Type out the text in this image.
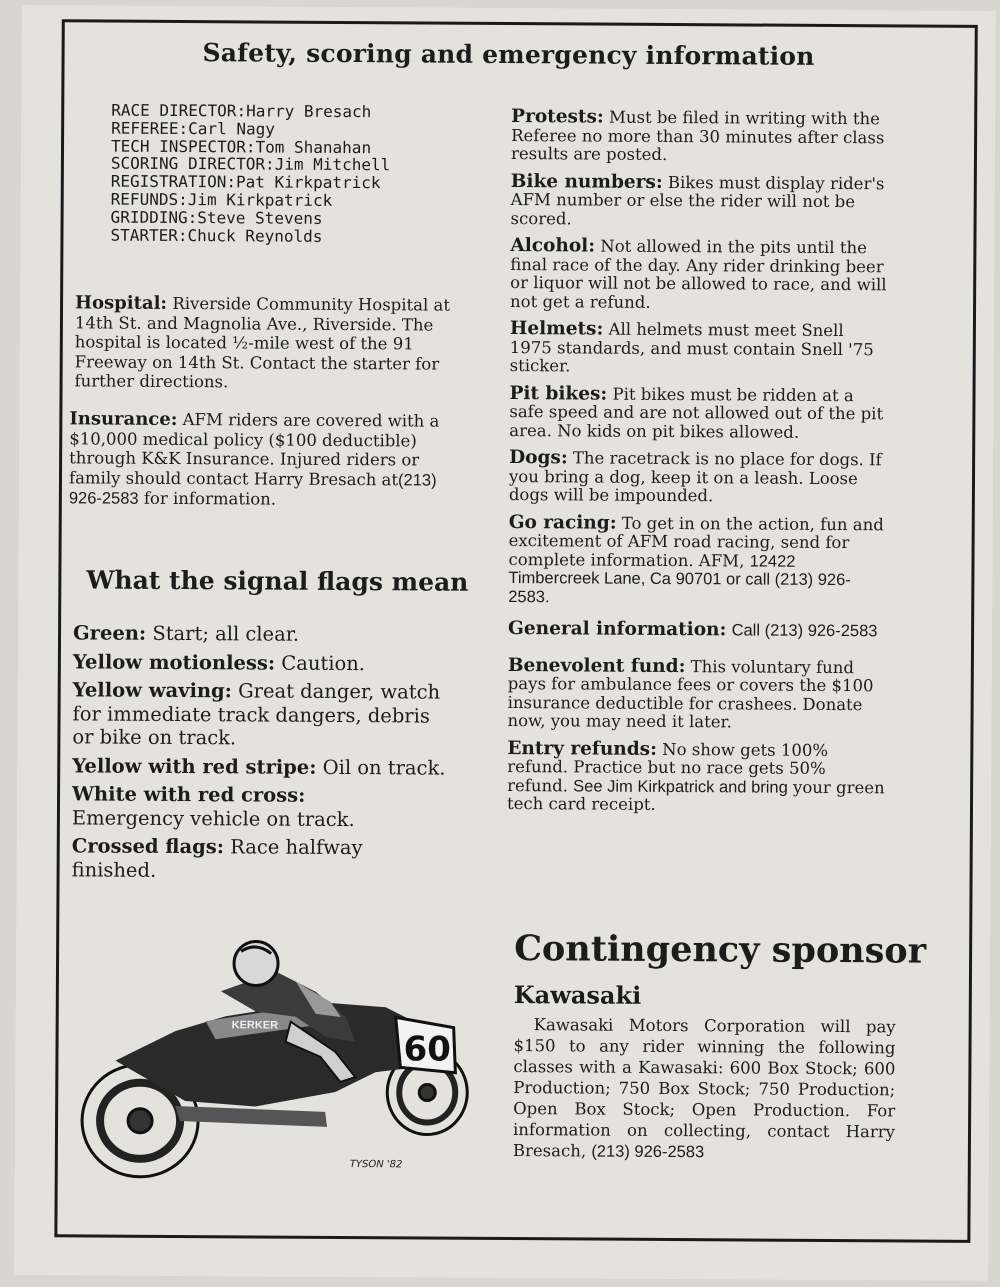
Safety, scoring and emergency information
RACE DIRECTOR:Harry Bresach
REFEREE:Carl Nagy
TECH INSPECTOR:Tom Shanahan
SCORING DIRECTOR:Jim Mitchell
REGISTRATION:Pat Kirkpatrick
REFUNDS:Jim Kirkpatrick
GRIDDING:Steve Stevens
STARTER:Chuck Reynolds
Hospital: Riverside Community Hospital at 14th St. and Magnolia Ave., Riverside. The hospital is located ½-mile west of the 91 Freeway on 14th St. Contact the starter for further directions.
Insurance: AFM riders are covered with a $10,000 medical policy ($100 deductible) through K&K Insurance. Injured riders or family should contact Harry Bresach at(213) 926-2583 for information.
What the signal flags mean
Green: Start; all clear.
Yellow motionless: Caution.
Yellow waving: Great danger, watch for immediate track dangers, debris or bike on track.
Yellow with red stripe: Oil on track.
White with red cross:
Emergency vehicle on track.
Crossed flags: Race halfway finished.
Protests: Must be filed in writing with the Referee no more than 30 minutes after class results are posted.
Bike numbers: Bikes must display rider's AFM number or else the rider will not be scored.
Alcohol: Not allowed in the pits until the final race of the day. Any rider drinking beer or liquor will not be allowed to race, and will not get a refund.
Helmets: All helmets must meet Snell 1975 standards, and must contain Snell '75 sticker.
Pit bikes: Pit bikes must be ridden at a safe speed and are not allowed out of the pit area. No kids on pit bikes allowed.
Dogs: The racetrack is no place for dogs. If you bring a dog, keep it on a leash. Loose dogs will be impounded.
Go racing: To get in on the action, fun and excitement of AFM road racing, send for complete information. AFM, 12422 Timbercreek Lane, Ca 90701 or call (213) 926-2583.
General information: Call (213) 926-2583
Benevolent fund: This voluntary fund pays for ambulance fees or covers the $100 insurance deductible for crashees. Donate now, you may need it later.
Entry refunds: No show gets 100% refund. Practice but no race gets 50% refund. See Jim Kirkpatrick and bring your green tech card receipt.
Contingency sponsor
Kawasaki
Kawasaki Motors Corporation will pay $150 to any rider winning the following classes with a Kawasaki: 600 Box Stock; 600 Production; 750 Box Stock; 750 Production; Open Box Stock; Open Production. For information on collecting, contact Harry Bresach, (213) 926-2583
KERKER
60
TYSON '82
